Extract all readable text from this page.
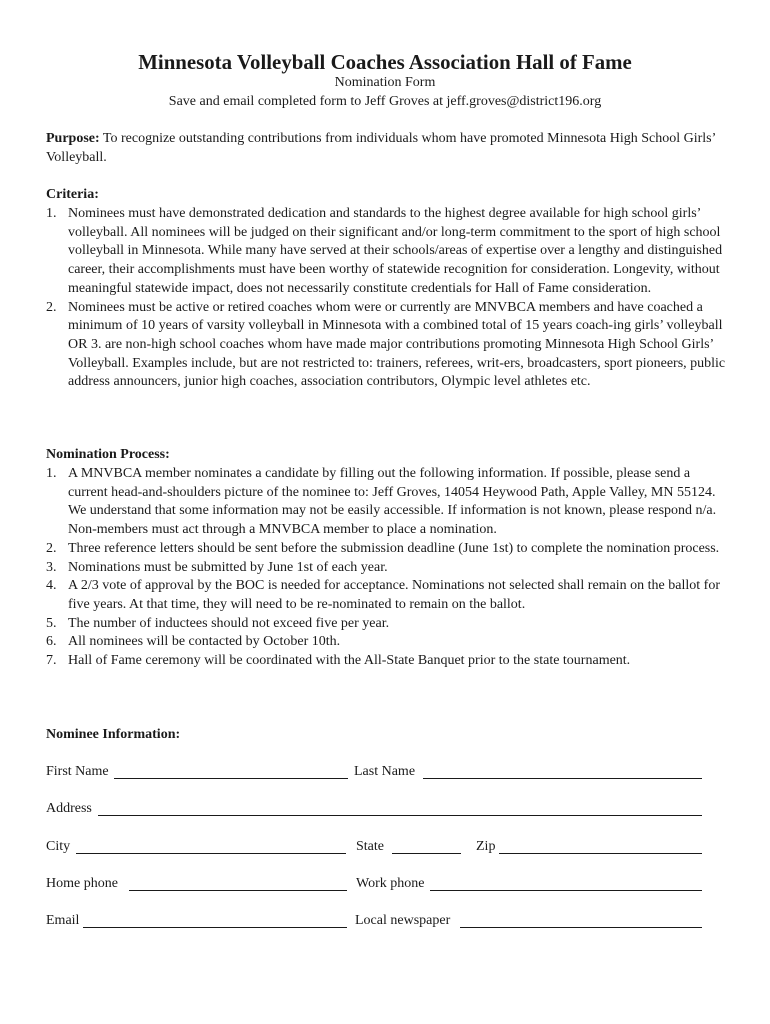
Minnesota Volleyball Coaches Association Hall of Fame
Nomination Form
Save and email completed form to Jeff Groves at jeff.groves@district196.org
Purpose: To recognize outstanding contributions from individuals whom have promoted Minnesota High School Girls’ Volleyball.
Criteria:
1. Nominees must have demonstrated dedication and standards to the highest degree available for high school girls’ volleyball. All nominees will be judged on their significant and/or long-term commitment to the sport of high school volleyball in Minnesota. While many have served at their schools/areas of expertise over a lengthy and distinguished career, their accomplishments must have been worthy of statewide recognition for consideration. Longevity, without meaningful statewide impact, does not necessarily constitute credentials for Hall of Fame consideration.
2. Nominees must be active or retired coaches whom were or currently are MNVBCA members and have coached a minimum of 10 years of varsity volleyball in Minnesota with a combined total of 15 years coach-ing girls’ volleyball OR 3. are non-high school coaches whom have made major contributions promoting Minnesota High School Girls’ Volleyball. Examples include, but are not restricted to: trainers, referees, writ-ers, broadcasters, sport pioneers, public address announcers, junior high coaches, association contributors, Olympic level athletes etc.
Nomination Process:
1. A MNVBCA member nominates a candidate by filling out the following information. If possible, please send a current head-and-shoulders picture of the nominee to: Jeff Groves, 14054 Heywood Path, Apple Valley, MN 55124. We understand that some information may not be easily accessible. If information is not known, please respond n/a. Non-members must act through a MNVBCA member to place a nomination.
2. Three reference letters should be sent before the submission deadline (June 1st) to complete the nomination process.
3. Nominations must be submitted by June 1st of each year.
4. A 2/3 vote of approval by the BOC is needed for acceptance. Nominations not selected shall remain on the ballot for five years. At that time, they will need to be re-nominated to remain on the ballot.
5. The number of inductees should not exceed five per year.
6. All nominees will be contacted by October 10th.
7. Hall of Fame ceremony will be coordinated with the All-State Banquet prior to the state tournament.
Nominee Information:
First Name	Last Name
Address
City	State	Zip
Home phone	Work phone
Email	Local newspaper
